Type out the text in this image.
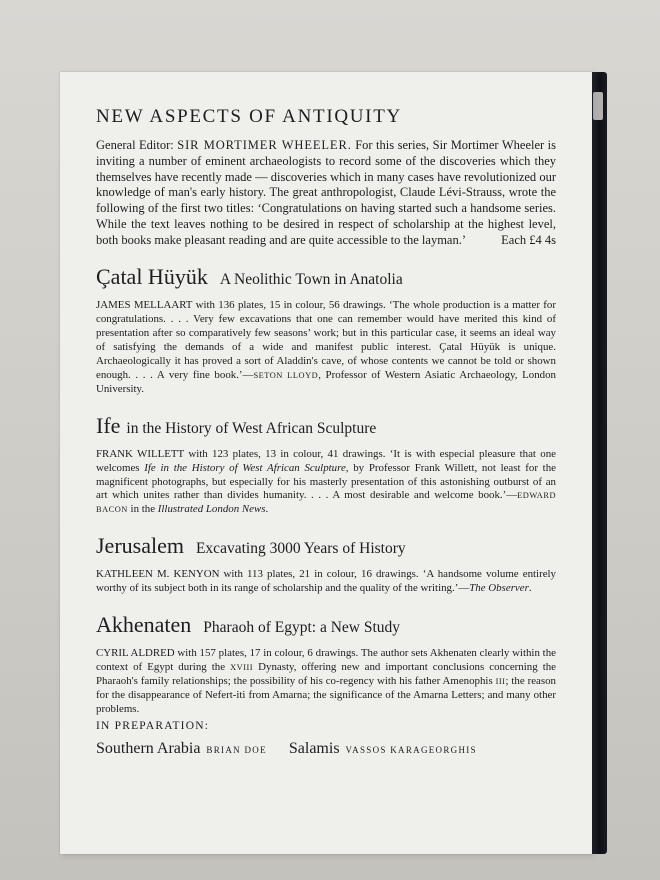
NEW ASPECTS OF ANTIQUITY

General Editor: SIR MORTIMER WHEELER. For this series, Sir Mortimer Wheeler is inviting a number of eminent archaeologists to record some of the discoveries which they themselves have recently made — discoveries which in many cases have revolutionized our knowledge of man's early history. The great anthropologist, Claude Lévi-Strauss, wrote the following of the first two titles: ‘Congratulations on having started such a handsome series. While the text leaves nothing to be desired in respect of scholarship at the highest level, both books make pleasant reading and are quite accessible to the layman.’	Each £4 4s
Çatal Hüyük A Neolithic Town in Anatolia

JAMES MELLAART with 136 plates, 15 in colour, 56 drawings. ‘The whole production is a matter for congratulations. . . . Very few excavations that one can remember would have merited this kind of presentation after so comparatively few seasons’ work; but in this particular case, it seems an ideal way of satisfying the demands of a wide and manifest public interest. Çatal Hüyük is unique. Archaeologically it has proved a sort of Aladdin's cave, of whose contents we cannot be told or shown enough. . . . A very fine book.’—SETON LLOYD, Professor of Western Asiatic Archaeology, London University.

Ife in the History of West African Sculpture

FRANK WILLETT with 123 plates, 13 in colour, 41 drawings. ‘It is with especial pleasure that one welcomes Ife in the History of West African Sculpture, by Professor Frank Willett, not least for the magnificent photographs, but especially for his masterly presentation of this astonishing outburst of an art which unites rather than divides humanity. . . . A most desirable and welcome book.’—EDWARD BACON in the Illustrated London News.

Jerusalem Excavating 3000 Years of History

KATHLEEN M. KENYON with 113 plates, 21 in colour, 16 drawings. ‘A handsome volume entirely worthy of its subject both in its range of scholarship and the quality of the writing.’—The Observer.

Akhenaten Pharaoh of Egypt: a New Study

CYRIL ALDRED with 157 plates, 17 in colour, 6 drawings. The author sets Akhenaten clearly within the context of Egypt during the XVIII Dynasty, offering new and important conclusions concerning the Pharaoh's family relationships; the possibility of his co-regency with his father Amenophis III; the reason for the disappearance of Nefert-iti from Amarna; the significance of the Amarna Letters; and many other problems.

IN PREPARATION:
Southern Arabia BRIAN DOE Salamis VASSOS KARAGEORGHIS
